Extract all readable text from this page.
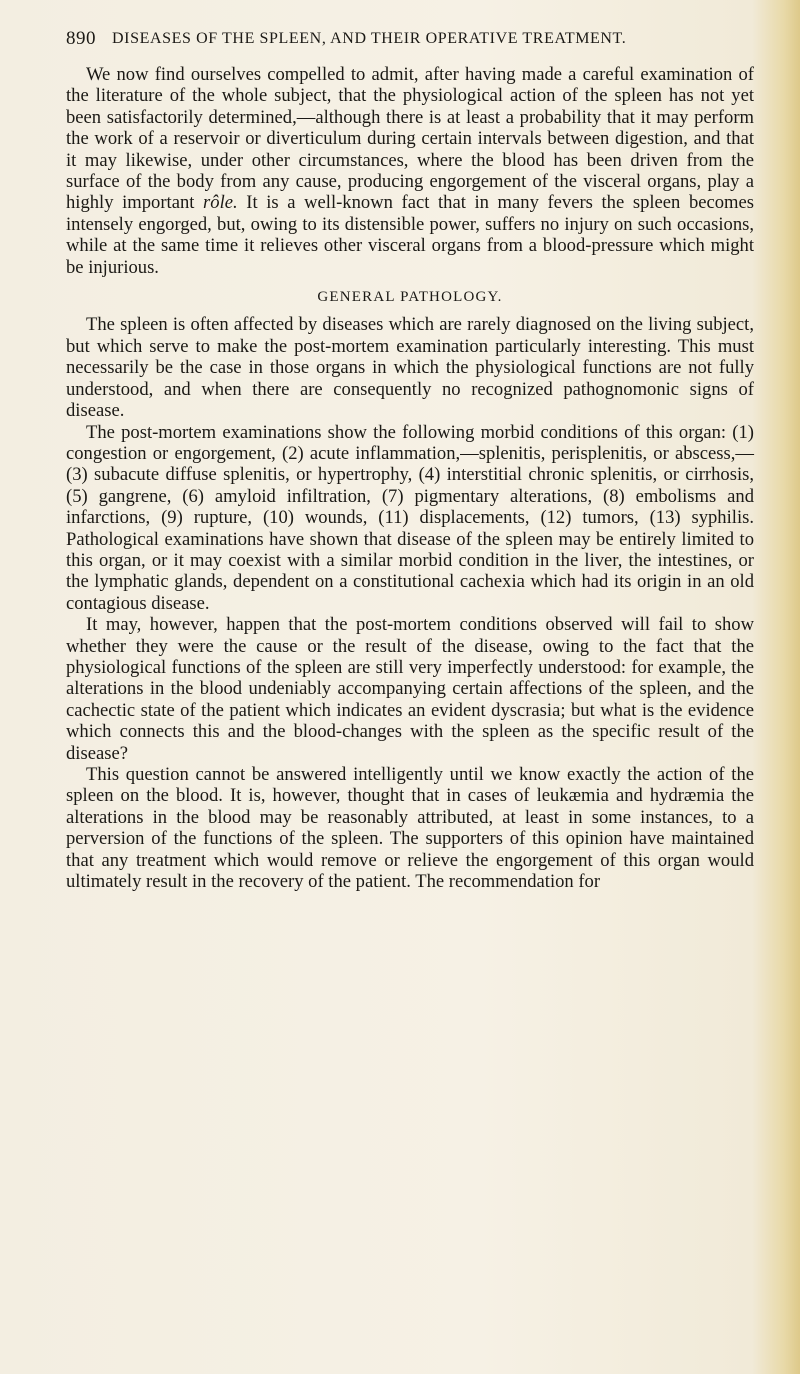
890 DISEASES OF THE SPLEEN, AND THEIR OPERATIVE TREATMENT.

We now find ourselves compelled to admit, after having made a careful examination of the literature of the whole subject, that the physiological action of the spleen has not yet been satisfactorily determined,—although there is at least a probability that it may perform the work of a reservoir or diverticulum during certain intervals between digestion, and that it may likewise, under other circumstances, where the blood has been driven from the surface of the body from any cause, producing engorgement of the visceral organs, play a highly important rôle. It is a well-known fact that in many fevers the spleen becomes intensely engorged, but, owing to its distensible power, suffers no injury on such occasions, while at the same time it relieves other visceral organs from a blood-pressure which might be injurious.

GENERAL PATHOLOGY.

The spleen is often affected by diseases which are rarely diagnosed on the living subject, but which serve to make the post-mortem examination particularly interesting. This must necessarily be the case in those organs in which the physiological functions are not fully understood, and when there are consequently no recognized pathognomonic signs of disease.

The post-mortem examinations show the following morbid conditions of this organ: (1) congestion or engorgement, (2) acute inflammation,—splenitis, perisplenitis, or abscess,—(3) subacute diffuse splenitis, or hypertrophy, (4) interstitial chronic splenitis, or cirrhosis, (5) gangrene, (6) amyloid infiltration, (7) pigmentary alterations, (8) embolisms and infarctions, (9) rupture, (10) wounds, (11) displacements, (12) tumors, (13) syphilis. Pathological examinations have shown that disease of the spleen may be entirely limited to this organ, or it may coexist with a similar morbid condition in the liver, the intestines, or the lymphatic glands, dependent on a constitutional cachexia which had its origin in an old contagious disease.

It may, however, happen that the post-mortem conditions observed will fail to show whether they were the cause or the result of the disease, owing to the fact that the physiological functions of the spleen are still very imperfectly understood: for example, the alterations in the blood undeniably accompanying certain affections of the spleen, and the cachectic state of the patient which indicates an evident dyscrasia; but what is the evidence which connects this and the blood-changes with the spleen as the specific result of the disease?

This question cannot be answered intelligently until we know exactly the action of the spleen on the blood. It is, however, thought that in cases of leukæmia and hydræmia the alterations in the blood may be reasonably attributed, at least in some instances, to a perversion of the functions of the spleen. The supporters of this opinion have maintained that any treatment which would remove or relieve the engorgement of this organ would ultimately result in the recovery of the patient. The recommendation for
